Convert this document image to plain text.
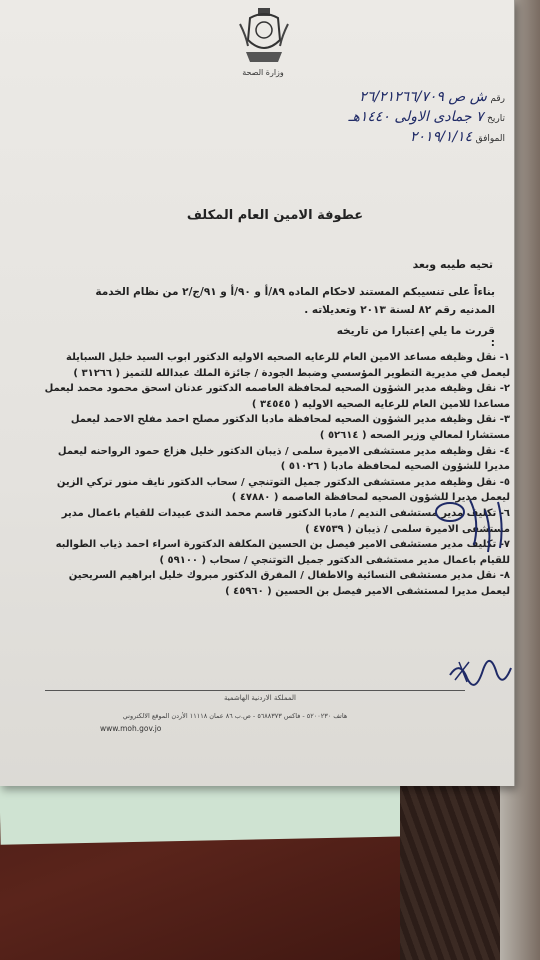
وزارة الصحة
رقم ش ص ٢٦/٢١٢٦٦/٧٠٩
تاريخ ٧ جمادى الاولى ١٤٤٠هـ
الموافق ٢٠١٩/١/١٤
عطوفة الامين العام المكلف
تحيه طيبه وبعد
بناءاً على تنسيبكم المستند لاحكام الماده ٨٩/أ و ٩٠/أ و ٩١/ج/٢ من نظام الخدمة المدنيه رقم ٨٢ لسنة ٢٠١٣ وتعديلاته .
قررت ما يلي إعتبارا من تاريخه :
١- نقل وظيفه مساعد الامين العام للرعايه الصحيه الاوليه الدكتور ابوب السيد خليل السبايلة ليعمل في مديرية التطوير المؤسسي وضبط الجودة / جائزة الملك عبدالله للتميز ( ٣١٢٦٦ )
٢- نقل وظيفه مدير الشؤون الصحيه لمحافظة العاصمه الدكتور عدنان اسحق محمود محمد ليعمل مساعدا للامين العام للرعايه الصحيه الاوليه ( ٣٤٥٤٥ )
٣- نقل وظيفه مدير الشؤون الصحيه لمحافظة مادبا الدكتور مصلح احمد مفلح الاحمد ليعمل مستشارا لمعالي وزير الصحه ( ٥٢٦١٤ )
٤- نقل وظيفه مدير مستشفى الاميرة سلمى / ذيبان الدكتور خليل هزاع حمود الرواحنه ليعمل مديرا للشؤون الصحيه لمحافظة مادبا ( ٥١٠٢٦ )
٥- نقل وظيفه مدير مستشفى الدكتور جميل التوتنجي / سحاب الدكتور نايف منور تركي الزين ليعمل مديرا للشؤون الصحيه لمحافظة العاصمه ( ٤٧٨٨٠ )
٦- تكليف مدير مستشفى النديم / مادبا الدكتور قاسم محمد الندى عبيدات للقيام باعمال مدير مستشفى الاميرة سلمى / ذيبان ( ٤٧٥٣٩ )
٧- تكليف مدير مستشفى الامير فيصل بن الحسين المكلفة الدكتورة اسراء احمد ذياب الطوالبه للقيام باعمال مدير مستشفى الدكتور جميل التوتنجي / سحاب ( ٥٩١٠٠ )
٨- نقل مدير مستشفى النسائية والاطفال / المفرق الدكتور مبروك خليل ابراهيم السريحين ليعمل مديرا لمستشفى الامير فيصل بن الحسين ( ٤٥٩٦٠ )
المملكة الاردنية الهاشمية
هاتف ٥٢٠٠٢٣٠ - فاكس ٥٦٨٨٣٧٣ - ص.ب ٨٦ عمان ١١١١٨ الأردن الموقع الالكتروني
www.moh.gov.jo
